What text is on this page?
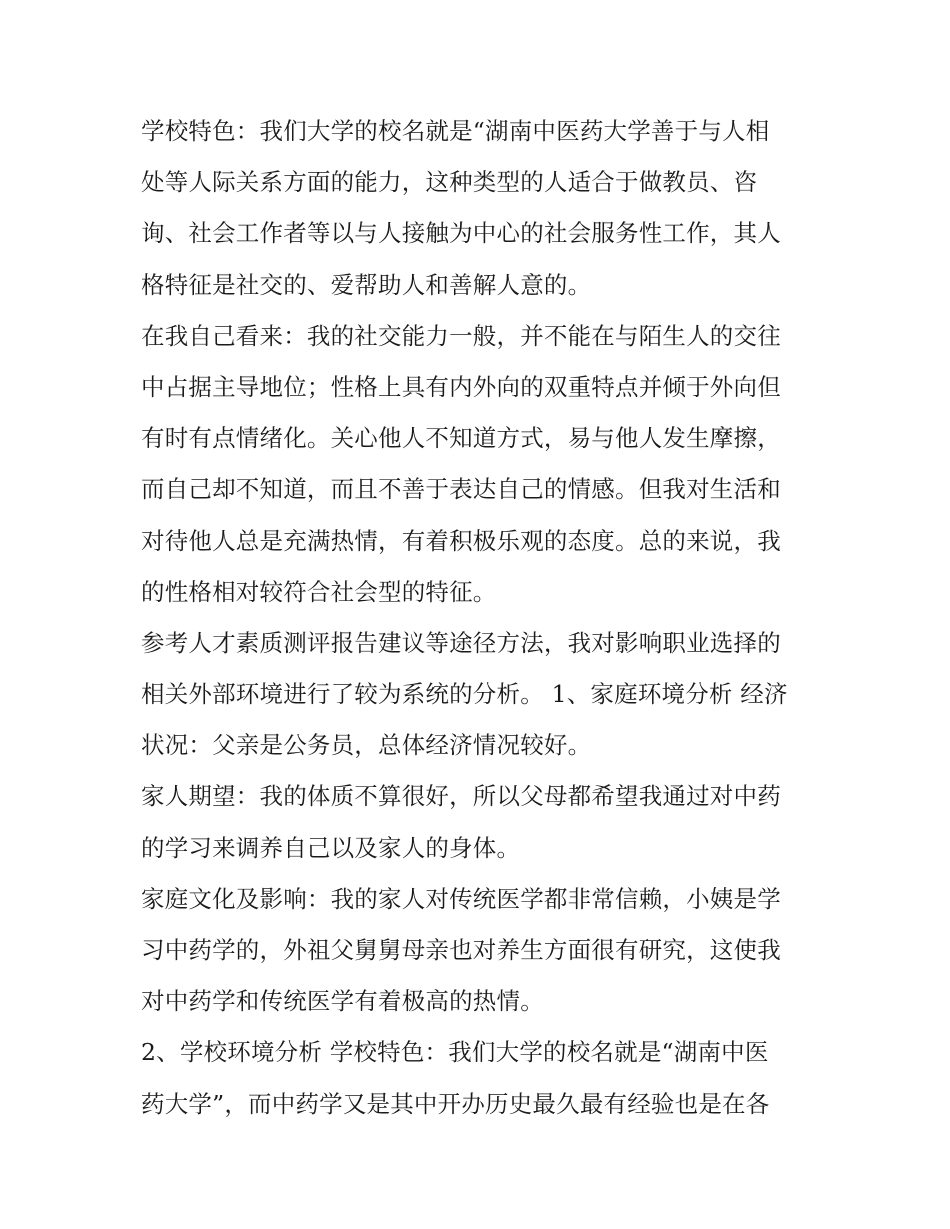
学校特色：我们大学的校名就是“湖南中医药大学善于与人相
处等人际关系方面的能力，这种类型的人适合于做教员、咨
询、社会工作者等以与人接触为中心的社会服务性工作，其人
格特征是社交的、爱帮助人和善解人意的。
在我自己看来：我的社交能力一般，并不能在与陌生人的交往
中占据主导地位；性格上具有内外向的双重特点并倾于外向但
有时有点情绪化。关心他人不知道方式，易与他人发生摩擦，
而自己却不知道，而且不善于表达自己的情感。但我对生活和
对待他人总是充满热情，有着积极乐观的态度。总的来说，我
的性格相对较符合社会型的特征。
参考人才素质测评报告建议等途径方法，我对影响职业选择的
相关外部环境进行了较为系统的分析。 1、家庭环境分析 经济
状况：父亲是公务员，总体经济情况较好。
家人期望：我的体质不算很好，所以父母都希望我通过对中药
的学习来调养自己以及家人的身体。
家庭文化及影响：我的家人对传统医学都非常信赖，小姨是学
习中药学的，外祖父舅舅母亲也对养生方面很有研究，这使我
对中药学和传统医学有着极高的热情。
2、学校环境分析 学校特色：我们大学的校名就是“湖南中医
药大学”，而中药学又是其中开办历史最久最有经验也是在各
